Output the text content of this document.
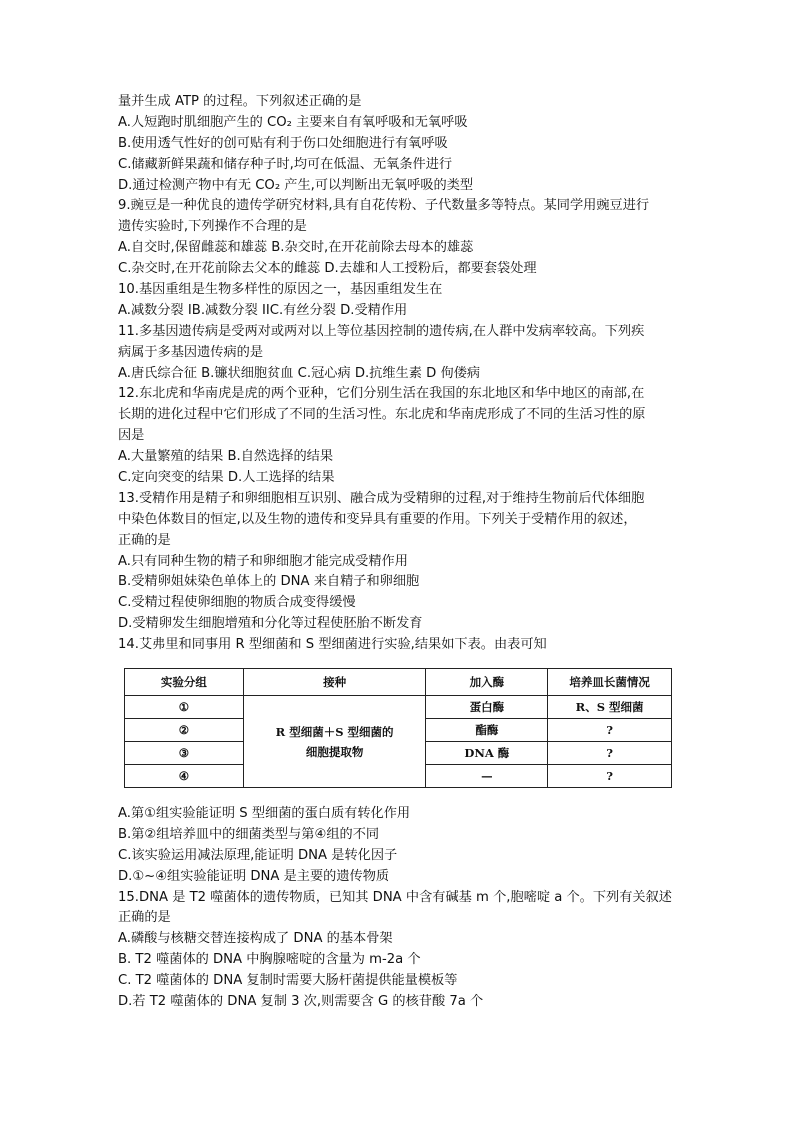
量并生成 ATP 的过程。下列叙述正确的是
A.人短跑时肌细胞产生的 CO₂ 主要来自有氧呼吸和无氧呼吸
B.使用透气性好的创可贴有利于伤口处细胞进行有氧呼吸
C.储藏新鲜果蔬和储存种子时,均可在低温、无氧条件进行
D.通过检测产物中有无 CO₂ 产生,可以判断出无氧呼吸的类型
9.豌豆是一种优良的遗传学研究材料,具有自花传粉、子代数量多等特点。某同学用豌豆进行
遗传实验时,下列操作不合理的是
A.自交时,保留雌蕊和雄蕊 B.杂交时,在开花前除去母本的雄蕊
C.杂交时,在开花前除去父本的雌蕊 D.去雄和人工授粉后，都要套袋处理
10.基因重组是生物多样性的原因之一，基因重组发生在
A.减数分裂 IB.减数分裂 IIC.有丝分裂 D.受精作用
11.多基因遗传病是受两对或两对以上等位基因控制的遗传病,在人群中发病率较高。下列疾
病属于多基因遗传病的是
A.唐氏综合征 B.镰状细胞贫血 C.冠心病 D.抗维生素 D 佝偻病
12.东北虎和华南虎是虎的两个亚种，它们分别生活在我国的东北地区和华中地区的南部,在
长期的进化过程中它们形成了不同的生活习性。东北虎和华南虎形成了不同的生活习性的原
因是
A.大量繁殖的结果 B.自然选择的结果
C.定向突变的结果 D.人工选择的结果
13.受精作用是精子和卵细胞相互识别、融合成为受精卵的过程,对于维持生物前后代体细胞
中染色体数目的恒定,以及生物的遗传和变异具有重要的作用。下列关于受精作用的叙述，
正确的是
A.只有同种生物的精子和卵细胞才能完成受精作用
B.受精卵姐妹染色单体上的 DNA 来自精子和卵细胞
C.受精过程使卵细胞的物质合成变得缓慢
D.受精卵发生细胞增殖和分化等过程使胚胎不断发育
14.艾弗里和同事用 R 型细菌和 S 型细菌进行实验,结果如下表。由表可知
实验分组	接种	加入酶	培养皿长菌情况
①	R 型细菌＋S 型细菌的细胞提取物	蛋白酶	R、S 型细菌
②		酯酶	?
③		DNA 酶	?
④		—	?
A.第①组实验能证明 S 型细菌的蛋白质有转化作用
B.第②组培养皿中的细菌类型与第④组的不同
C.该实验运用减法原理,能证明 DNA 是转化因子
D.①~④组实验能证明 DNA 是主要的遗传物质
15.DNA 是 T2 噬菌体的遗传物质，已知其 DNA 中含有碱基 m 个,胞嘧啶 a 个。下列有关叙述
正确的是
A.磷酸与核糖交替连接构成了 DNA 的基本骨架
B. T2 噬菌体的 DNA 中胸腺嘧啶的含量为 m-2a 个
C. T2 噬菌体的 DNA 复制时需要大肠杆菌提供能量模板等
D.若 T2 噬菌体的 DNA 复制 3 次,则需要含 G 的核苷酸 7a 个
